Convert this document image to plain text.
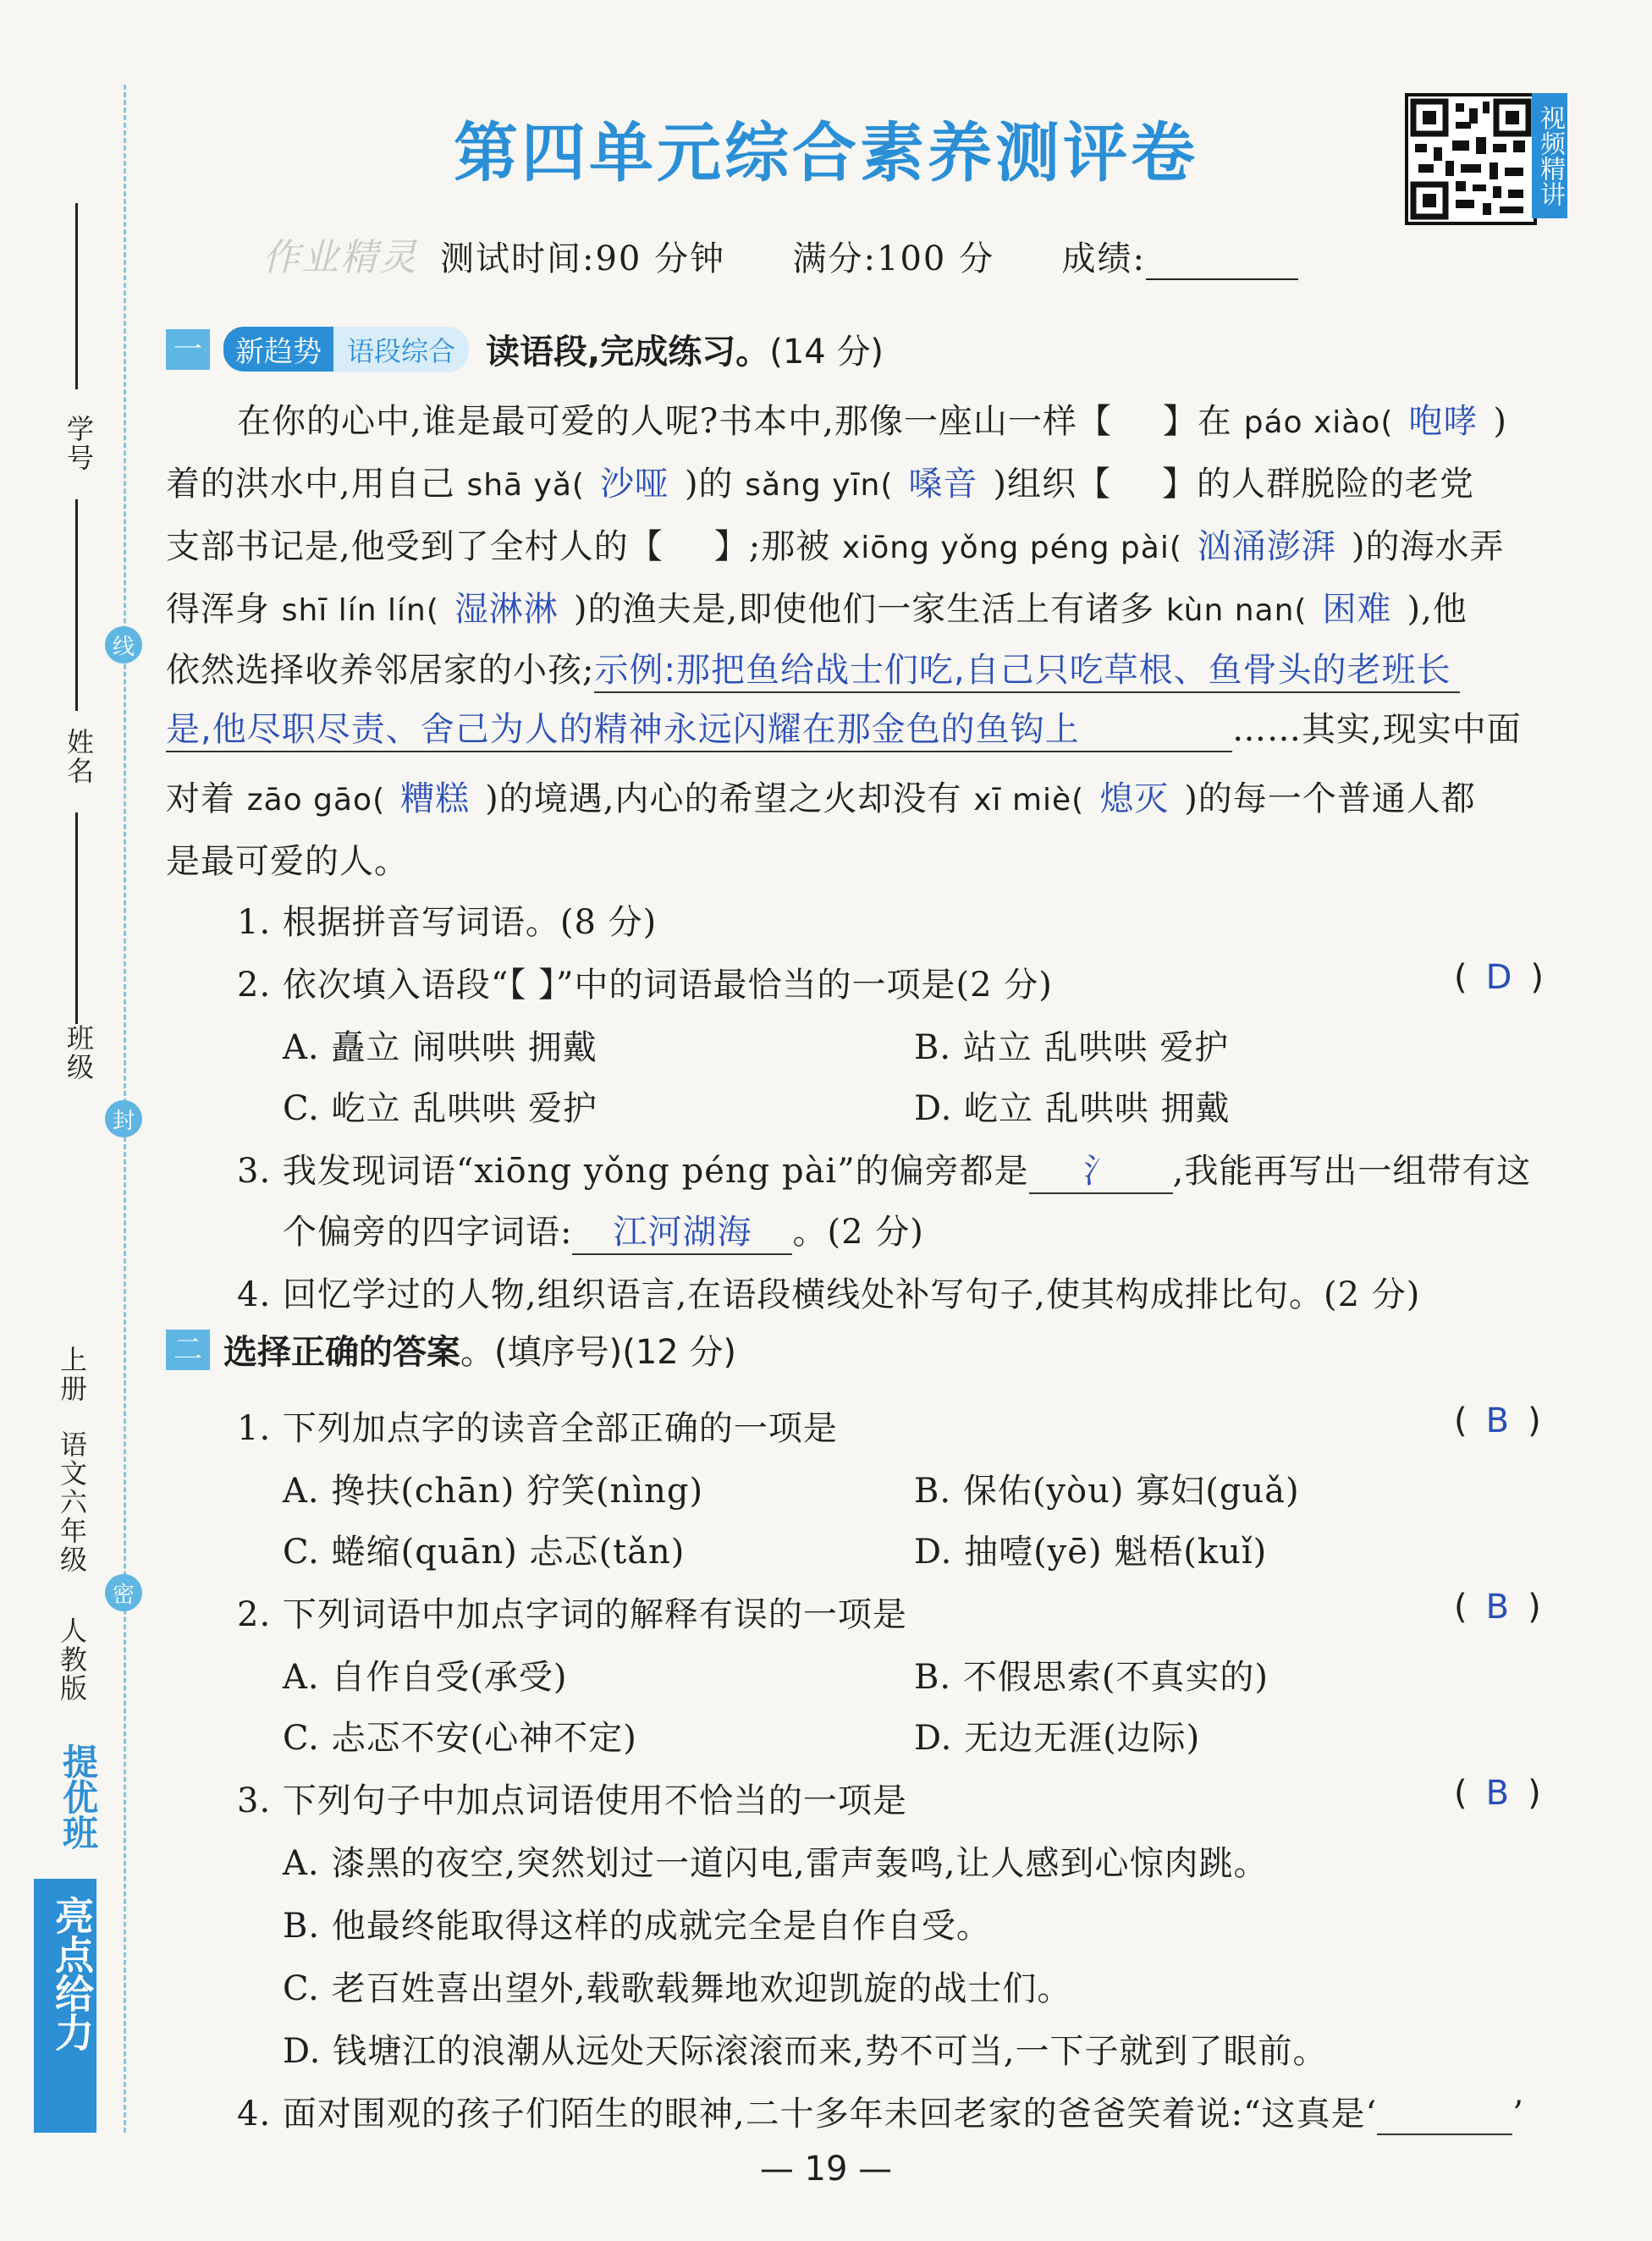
学号
线
姓名
班级
封
上册
语文六年级
密
人教版
提优班
亮点给力
第四单元综合素养测评卷	视频精讲
作业精灵 测试时间:90 分钟 满分:100 分 成绩:
一	新趋势 语段综合 读语段,完成练习。 (14 分)
在你的心中,谁是最可爱的人呢?书本中,那像一座山一样【 】在 páo xiào( 咆哮 )
着的洪水中,用自己 shā yǎ( 沙哑 )的 sǎng yīn( 嗓音 )组织【 】的人群脱险的老党
支部书记是,他受到了全村人的【 】;那被 xiōng yǒng péng pài( 汹涌澎湃 )的海水弄
得浑身 shī lín lín( 湿淋淋 )的渔夫是,即使他们一家生活上有诸多 kùn nan( 困难 ),他
依然选择收养邻居家的小孩;示例:那把鱼给战士们吃,自己只吃草根、鱼骨头的老班长
是,他尽职尽责、舍己为人的精神永远闪耀在那金色的鱼钩上	……其实,现实中面
对着 zāo gāo( 糟糕 )的境遇,内心的希望之火却没有 xī miè( 熄灭 )的每一个普通人都
是最可爱的人。
1. 根据拼音写词语。(8 分)
2. 依次填入语段“【 】”中的词语最恰当的一项是(2 分)	( D )
A. 矗立 闹哄哄 拥戴	B. 站立 乱哄哄 爱护
C. 屹立 乱哄哄 爱护	D. 屹立 乱哄哄 拥戴
3. 我发现词语“xiōng yǒng péng pài”的偏旁都是 氵 ,我能再写出一组带有这
个偏旁的四字词语: 江河湖海 。(2 分)
4. 回忆学过的人物,组织语言,在语段横线处补写句子,使其构成排比句。(2 分)
二 选择正确的答案 。(填序号)(12 分)
1. 下列加点字的读音全部正确的一项是	( B )
A. 搀扶(chān) 狞笑(nìng)	B. 保佑(yòu) 寡妇(guǎ)
C. 蜷缩(quān) 忐忑(tǎn)	D. 抽噎(yē) 魁梧(kuǐ)
2. 下列词语中加点字词的解释有误的一项是	( B )
A. 自作自受(承受)	B. 不假思索(不真实的)
C. 忐忑不安(心神不定)	D. 无边无涯(边际)
3. 下列句子中加点词语使用不恰当的一项是	( B )
A. 漆黑的夜空,突然划过一道闪电,雷声轰鸣,让人感到心惊肉跳。
B. 他最终能取得这样的成就完全是自作自受。
C. 老百姓喜出望外,载歌载舞地欢迎凯旋的战士们。
D. 钱塘江的浪潮从远处天际滚滚而来,势不可当,一下子就到了眼前。
4. 面对围观的孩子们陌生的眼神,二十多年未回老家的爸爸笑着说:“这真是‘	’
— 19 —
